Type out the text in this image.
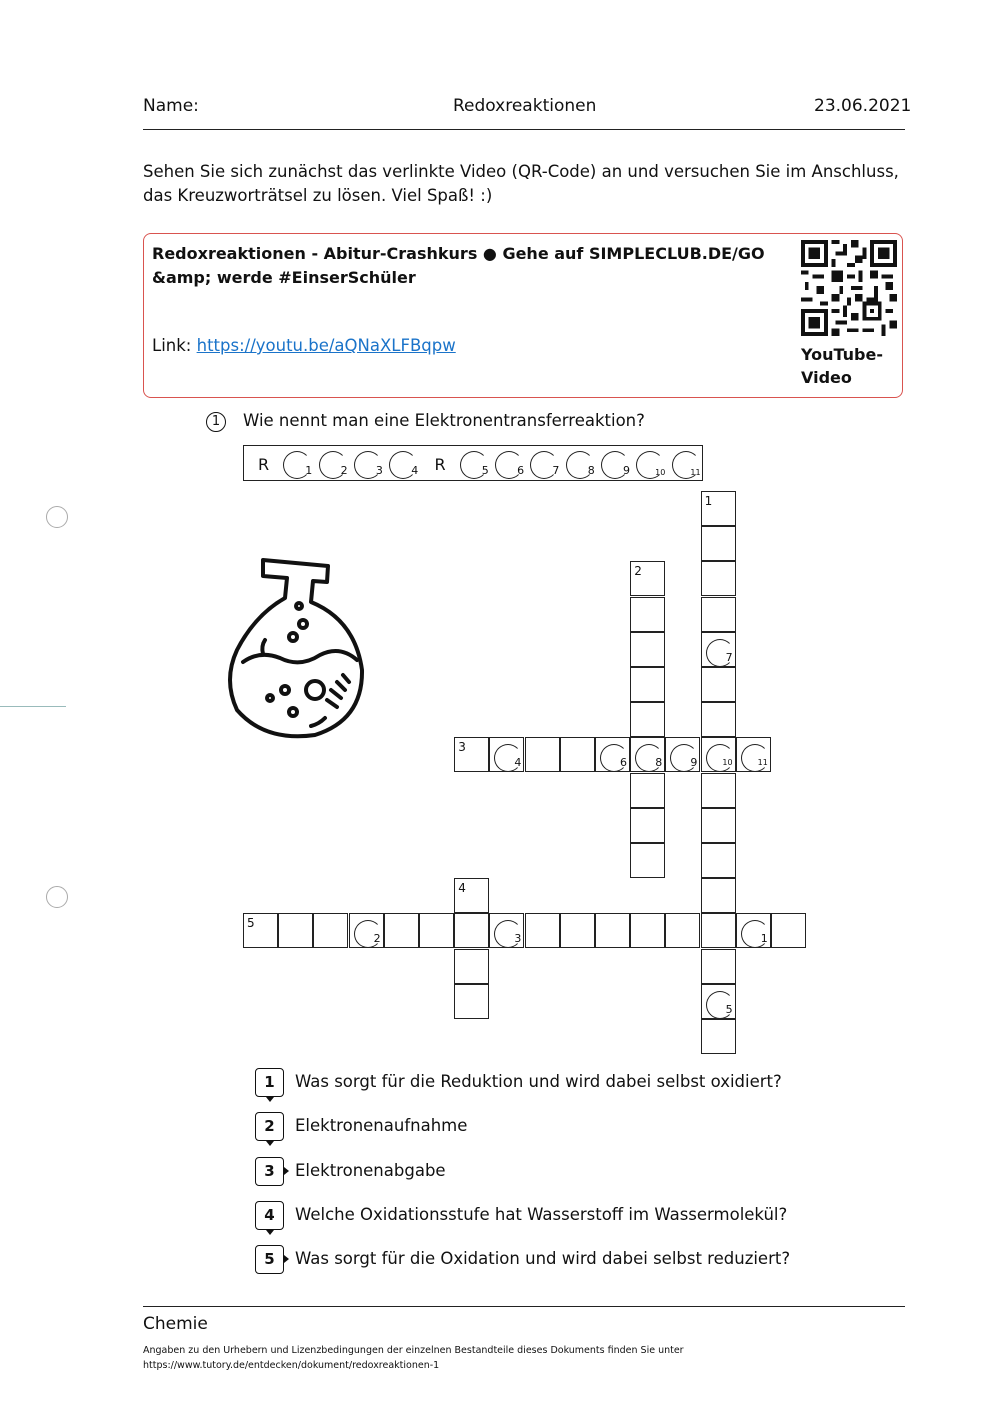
Name:	Redoxreaktionen	23.06.2021
Sehen Sie sich zunächst das verlinkte Video (QR-Code) an und versuchen Sie im Anschluss, das Kreuzworträtsel zu lösen. Viel Spaß! :)
Redoxreaktionen - Abitur-Crashkurs ● Gehe auf SIMPLECLUB.DE/GO &amp; werde #EinserSchüler
Link: https://youtu.be/aQNaXLFBqpw	YouTube-Video
1	Wie nennt man eine Elektronentransferreaktion?
R	1	2	3	4 R	5	6	7	8	9	10	11
1
7
10
5
2
8
3
4	6	9	11
4
5
2	3	1
1	Was sorgt für die Reduktion und wird dabei selbst oxidiert?
2	Elektronenaufnahme
3	Elektronenabgabe
4	Welche Oxidationsstufe hat Wasserstoff im Wassermolekül?
5	Was sorgt für die Oxidation und wird dabei selbst reduziert?
Chemie
Angaben zu den Urhebern und Lizenzbedingungen der einzelnen Bestandteile dieses Dokuments finden Sie unter
https://www.tutory.de/entdecken/dokument/redoxreaktionen-1
